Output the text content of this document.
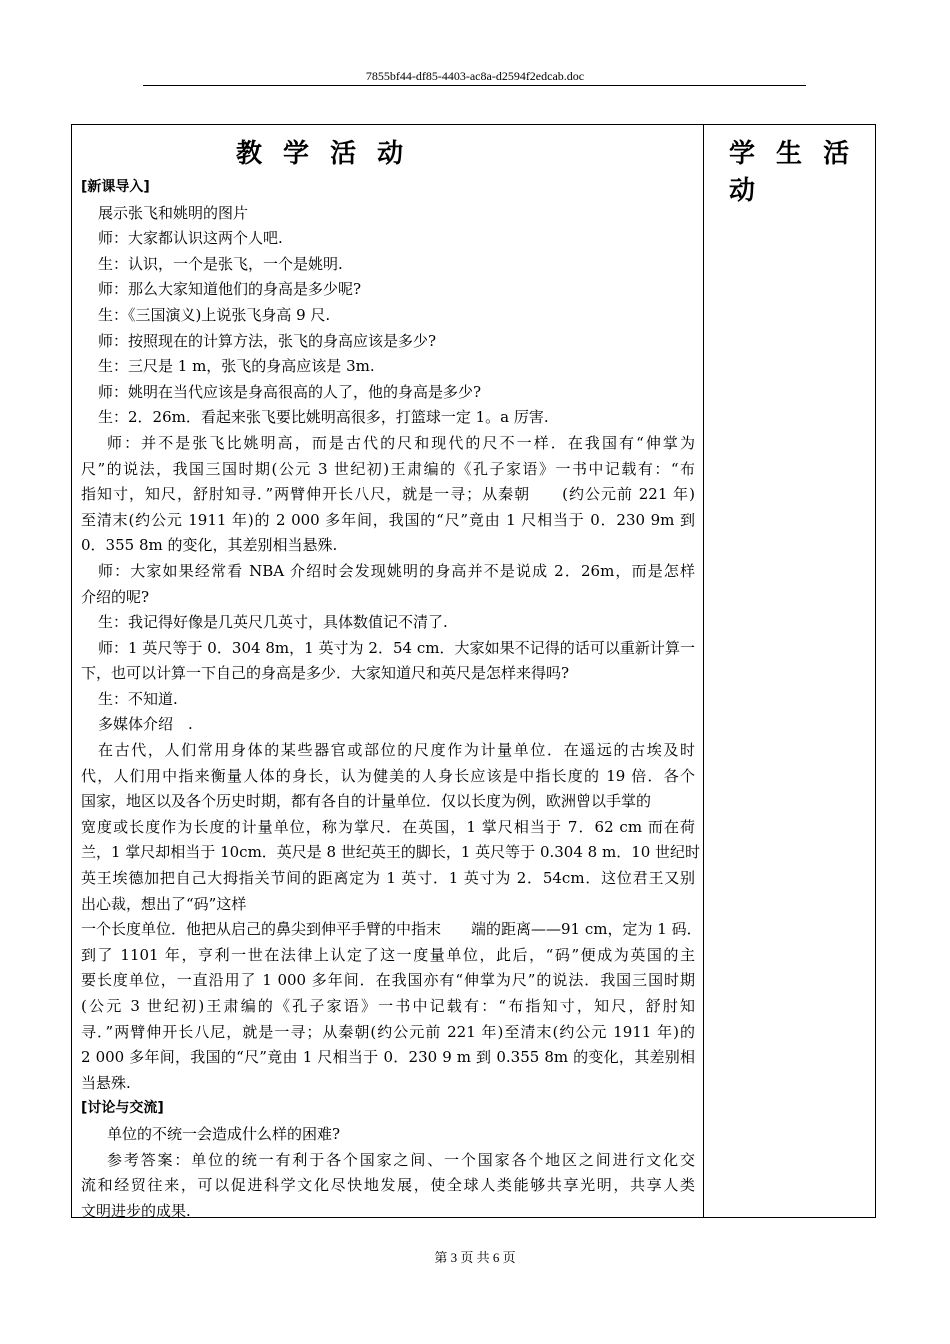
7855bf44-df85-4403-ac8a-d2594f2edcab.doc
教 学 活 动	学 生 活 动
[新课导入]
展示张飞和姚明的图片
师：大家都认识这两个人吧.
生：认识，一个是张飞，一个是姚明.
师：那么大家知道他们的身高是多少呢?
生：《三国演义)上说张飞身高 9 尺.
师：按照现在的计算方法，张飞的身高应该是多少?
生：三尺是 1 m，张飞的身高应该是 3m.
师：姚明在当代应该是身高很高的人了，他的身高是多少?
生：2．26m．看起来张飞要比姚明高很多，打篮球一定 1。a 厉害.
师：并不是张飞比姚明高，而是古代的尺和现代的尺不一样．在我国有“伸掌为
尺”的说法，我国三国时期(公元 3 世纪初)王肃编的《孔子家语》一书中记载有：“布
指知寸，知尺，舒肘知寻．”两臂伸开长八尺，就是一寻；从秦朝　　(约公元前 221 年)
至清末(约公元 1911 年)的 2 000 多年间，我国的“尺”竟由 1 尺相当于 0．230 9m 到
0．355 8m 的变化，其差别相当悬殊.
师：大家如果经常看 NBA 介绍时会发现姚明的身高并不是说成 2．26m，而是怎样
介绍的呢?
生：我记得好像是几英尺几英寸，具体数值记不清了.
师：1 英尺等于 0．304 8m，1 英寸为 2．54 cm．大家如果不记得的话可以重新计算一
下，也可以计算一下自己的身高是多少．大家知道尺和英尺是怎样来得吗?
生：不知道.
多媒体介绍　.
在古代，人们常用身体的某些器官或部位的尺度作为计量单位．在遥远的古埃及时
代，人们用中指来衡量人体的身长，认为健美的人身长应该是中指长度的 19 倍．各个
国家，地区以及各个历史时期，都有各自的计量单位．仅以长度为例，欧洲曾以手掌的
宽度或长度作为长度的计量单位，称为掌尺．在英国，1 掌尺相当于 7．62 cm 而在荷
兰，1 掌尺却相当于 10cm．英尺是 8 世纪英王的脚长，1 英尺等于 0.304 8 m．10 世纪时
英王埃德加把自己大拇指关节间的距离定为 1 英寸．1 英寸为 2．54cm．这位君王又别
出心裁，想出了“码”这样
一个长度单位．他把从启己的鼻尖到伸平手臂的中指末　　端的距离——91 cm，定为 1 码．
到了 1101 年，亨利一世在法律上认定了这一度量单位，此后，“码”便成为英国的主
要长度单位，一直沿用了 1 000 多年间．在我国亦有“伸掌为尺”的说法．我国三国时期
(公元 3 世纪初)王肃编的《孔子家语》一书中记载有：“布指知寸，知尺，舒肘知
寻．”两臂伸开长八尼，就是一寻；从秦朝(约公元前 221 年)至清末(约公元 1911 年)的
2 000 多年间，我国的“尺”竟由 1 尺相当于 0．230 9 m 到 0.355 8m 的变化，其差别相
当悬殊.
[讨论与交流]
单位的不统一会造成什么样的困难?
参考答案：单位的统一有利于各个国家之间、一个国家各个地区之间进行文化交
流和经贸往来，可以促进科学文化尽快地发展，使全球人类能够共享光明，共享人类
文明进步的成果.
第 3 页 共 6 页
